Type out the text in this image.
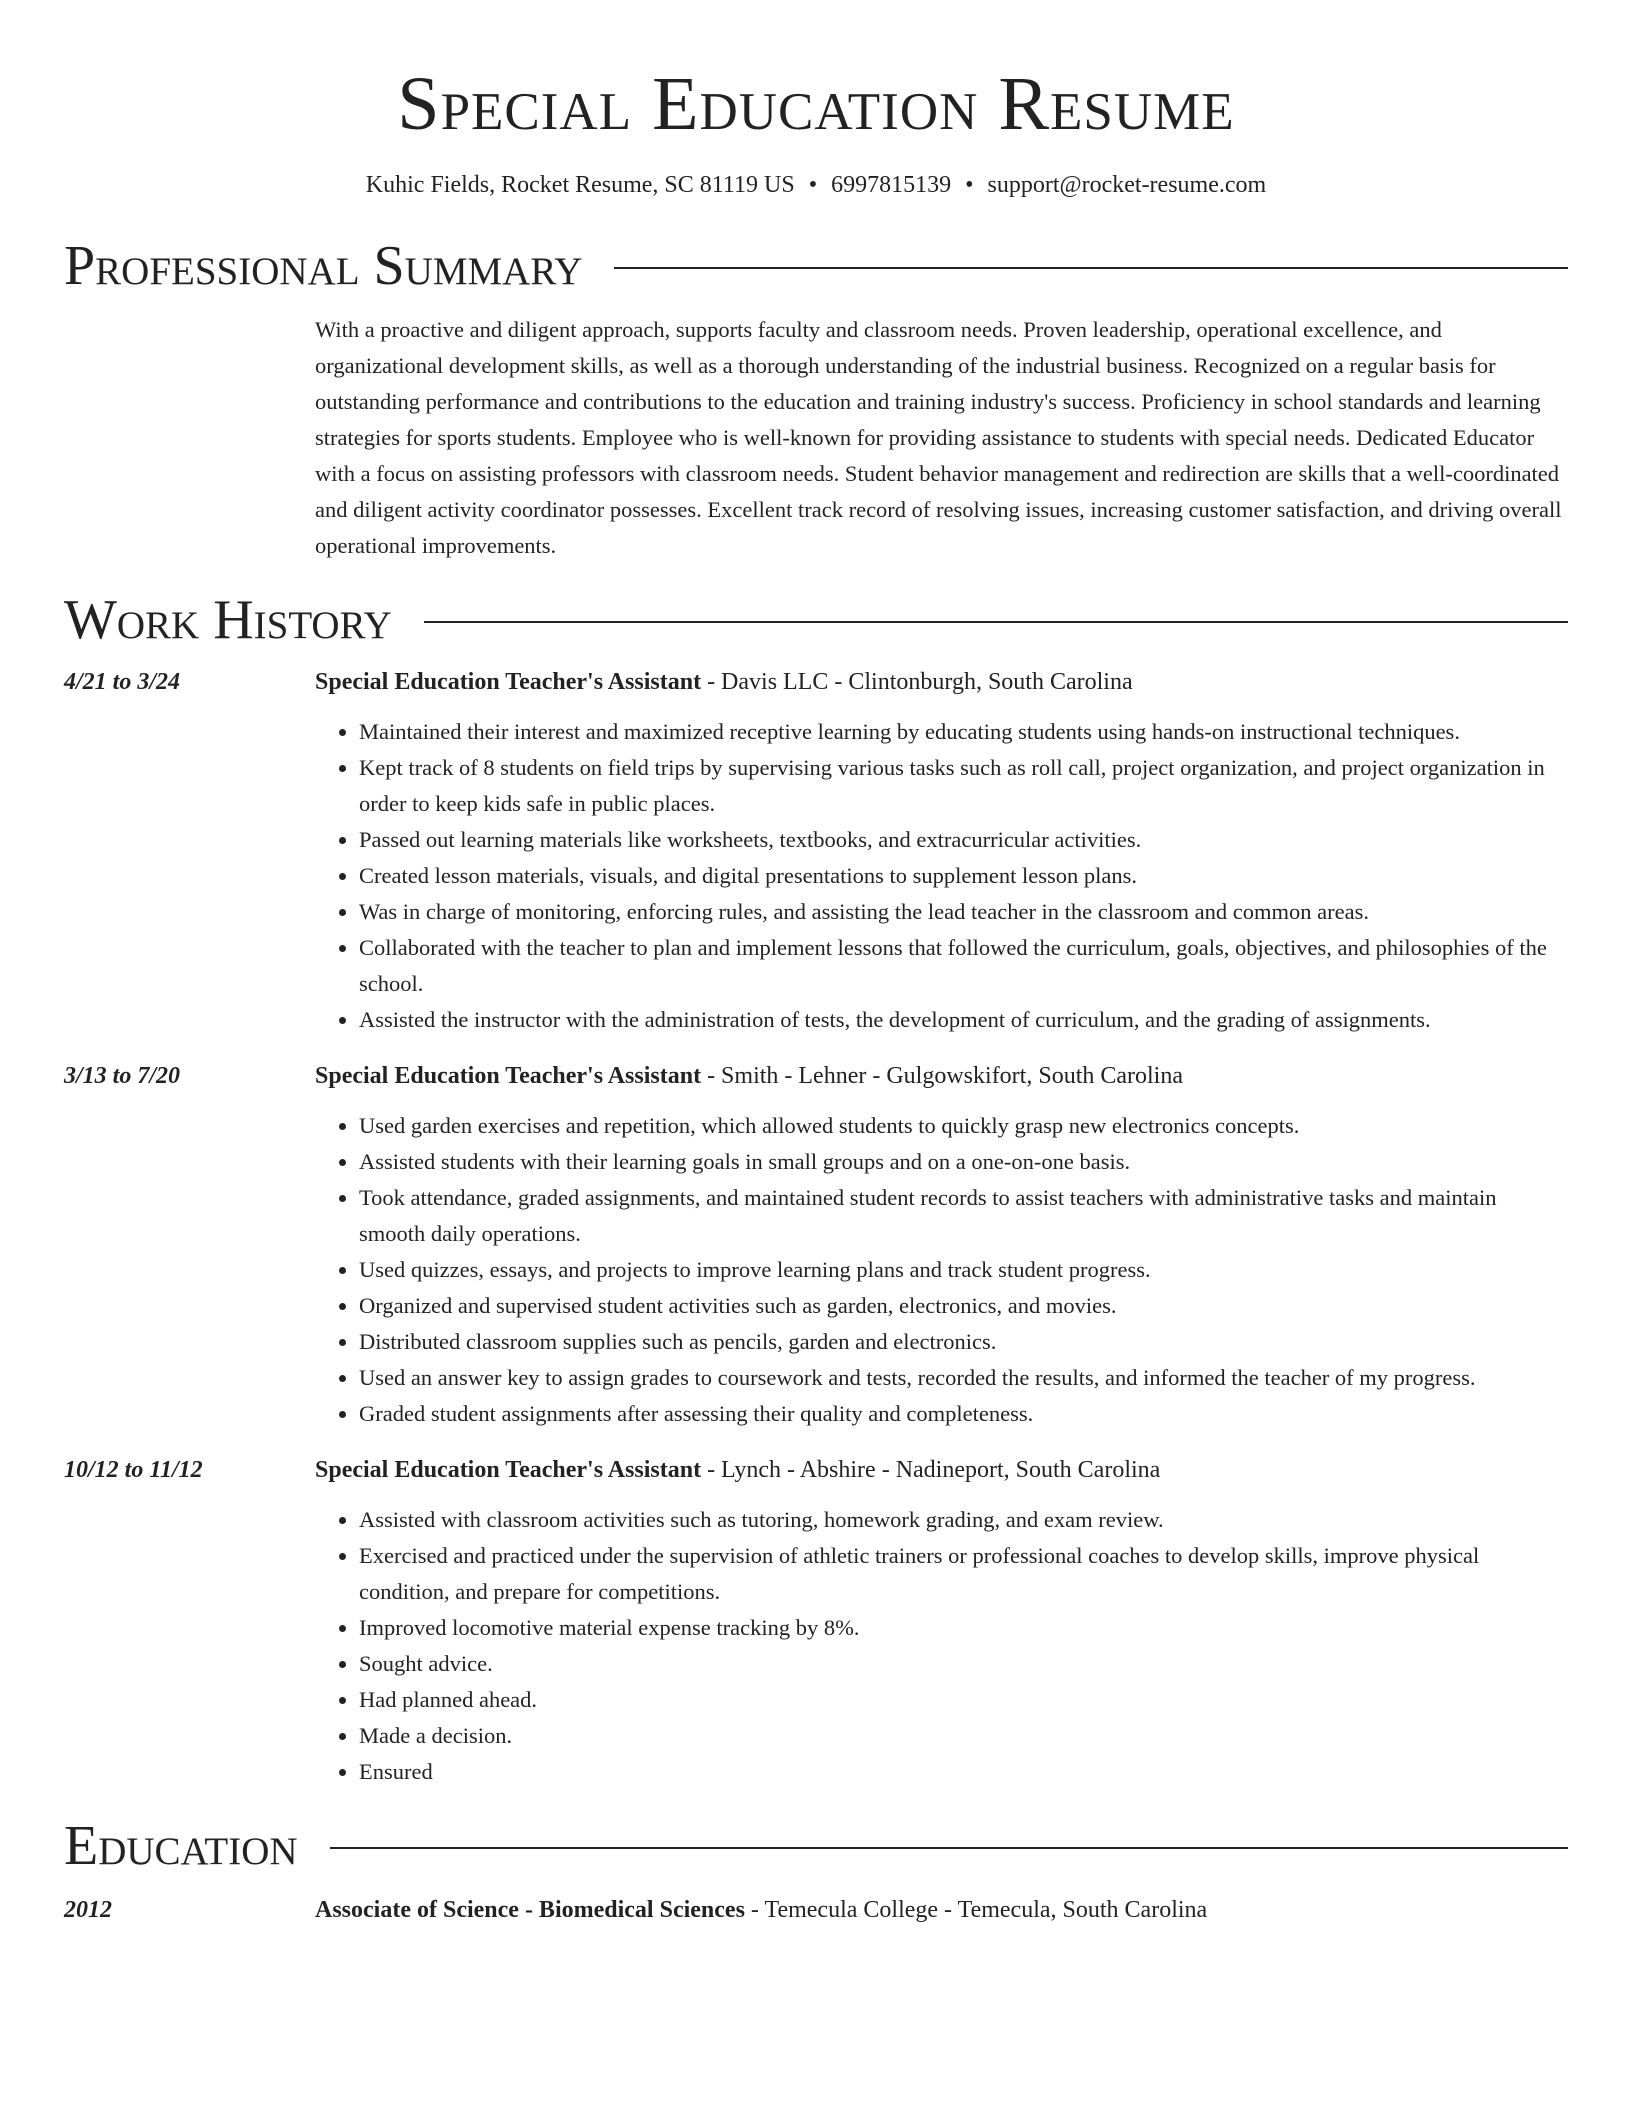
Special Education Resume
Kuhic Fields, Rocket Resume, SC 81119 US • 6997815139 • support@rocket-resume.com
Professional Summary
With a proactive and diligent approach, supports faculty and classroom needs. Proven leadership, operational excellence, and organizational development skills, as well as a thorough understanding of the industrial business. Recognized on a regular basis for outstanding performance and contributions to the education and training industry's success. Proficiency in school standards and learning strategies for sports students. Employee who is well-known for providing assistance to students with special needs. Dedicated Educator with a focus on assisting professors with classroom needs. Student behavior management and redirection are skills that a well-coordinated and diligent activity coordinator possesses. Excellent track record of resolving issues, increasing customer satisfaction, and driving overall operational improvements.
Work History
4/21 to 3/24	Special Education Teacher's Assistant - Davis LLC - Clintonburgh, South Carolina
• Maintained their interest and maximized receptive learning by educating students using hands-on instructional techniques.
• Kept track of 8 students on field trips by supervising various tasks such as roll call, project organization, and project organization in order to keep kids safe in public places.
• Passed out learning materials like worksheets, textbooks, and extracurricular activities.
• Created lesson materials, visuals, and digital presentations to supplement lesson plans.
• Was in charge of monitoring, enforcing rules, and assisting the lead teacher in the classroom and common areas.
• Collaborated with the teacher to plan and implement lessons that followed the curriculum, goals, objectives, and philosophies of the school.
• Assisted the instructor with the administration of tests, the development of curriculum, and the grading of assignments.
3/13 to 7/20	Special Education Teacher's Assistant - Smith - Lehner - Gulgowskifort, South Carolina
• Used garden exercises and repetition, which allowed students to quickly grasp new electronics concepts.
• Assisted students with their learning goals in small groups and on a one-on-one basis.
• Took attendance, graded assignments, and maintained student records to assist teachers with administrative tasks and maintain smooth daily operations.
• Used quizzes, essays, and projects to improve learning plans and track student progress.
• Organized and supervised student activities such as garden, electronics, and movies.
• Distributed classroom supplies such as pencils, garden and electronics.
• Used an answer key to assign grades to coursework and tests, recorded the results, and informed the teacher of my progress.
• Graded student assignments after assessing their quality and completeness.
10/12 to 11/12	Special Education Teacher's Assistant - Lynch - Abshire - Nadineport, South Carolina
• Assisted with classroom activities such as tutoring, homework grading, and exam review.
• Exercised and practiced under the supervision of athletic trainers or professional coaches to develop skills, improve physical condition, and prepare for competitions.
• Improved locomotive material expense tracking by 8%.
• Sought advice.
• Had planned ahead.
• Made a decision.
• Ensured
Education
2012	Associate of Science - Biomedical Sciences - Temecula College - Temecula, South Carolina
